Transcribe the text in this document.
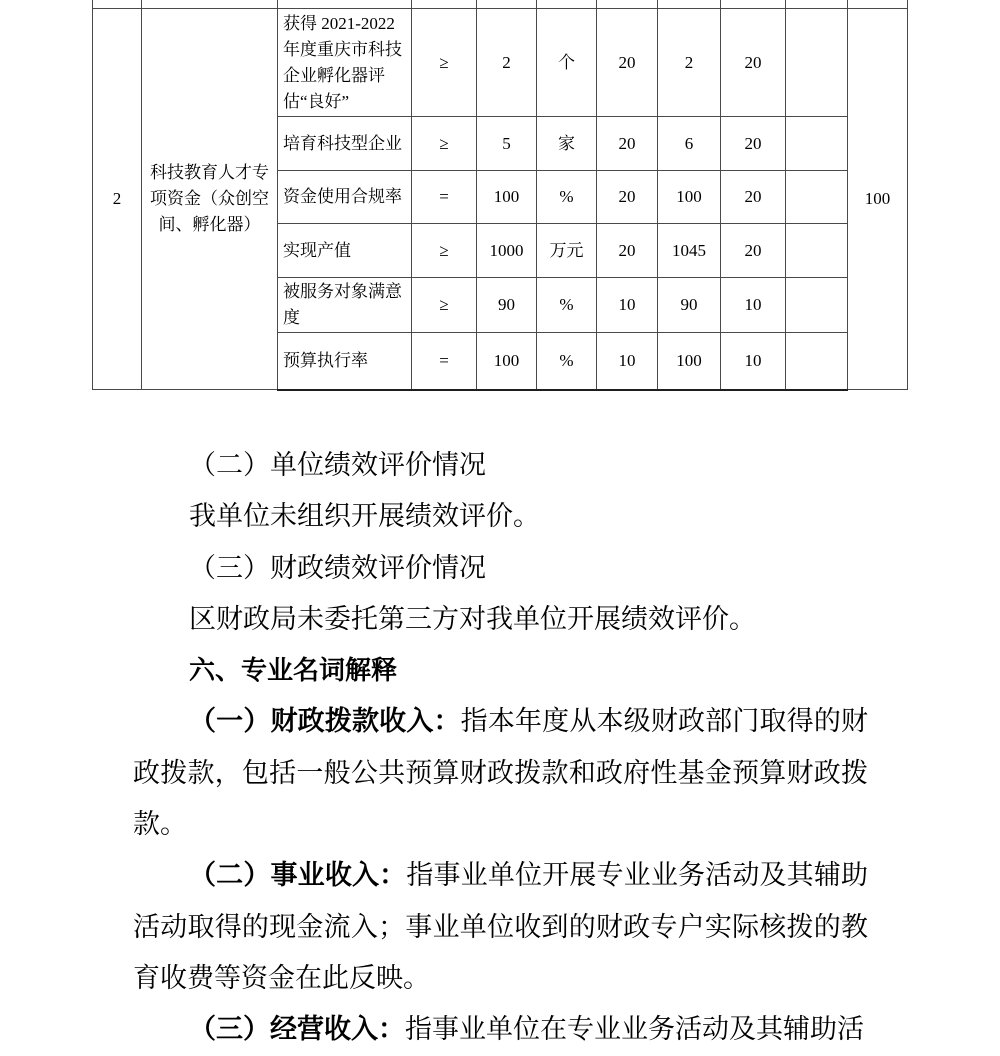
2	科技教育人才专项资金（众创空间、孵化器）	获得 2021-2022 年度重庆市科技企业孵化器评估“良好”	≥	2	个	20	2	20		100
		培育科技型企业	≥	5	家	20	6	20		
		资金使用合规率	=	100	%	20	100	20		
		实现产值	≥	1000	万元	20	1045	20		
		被服务对象满意度	≥	90	%	10	90	10		
		预算执行率	=	100	%	10	100	10		

（二）单位绩效评价情况

我单位未组织开展绩效评价。

（三）财政绩效评价情况

区财政局未委托第三方对我单位开展绩效评价。

六、专业名词解释

（一）财政拨款收入：指本年度从本级财政部门取得的财政拨款，包括一般公共预算财政拨款和政府性基金预算财政拨款。

（二）事业收入：指事业单位开展专业业务活动及其辅助活动取得的现金流入；事业单位收到的财政专户实际核拨的教育收费等资金在此反映。

（三）经营收入：指事业单位在专业业务活动及其辅助活
